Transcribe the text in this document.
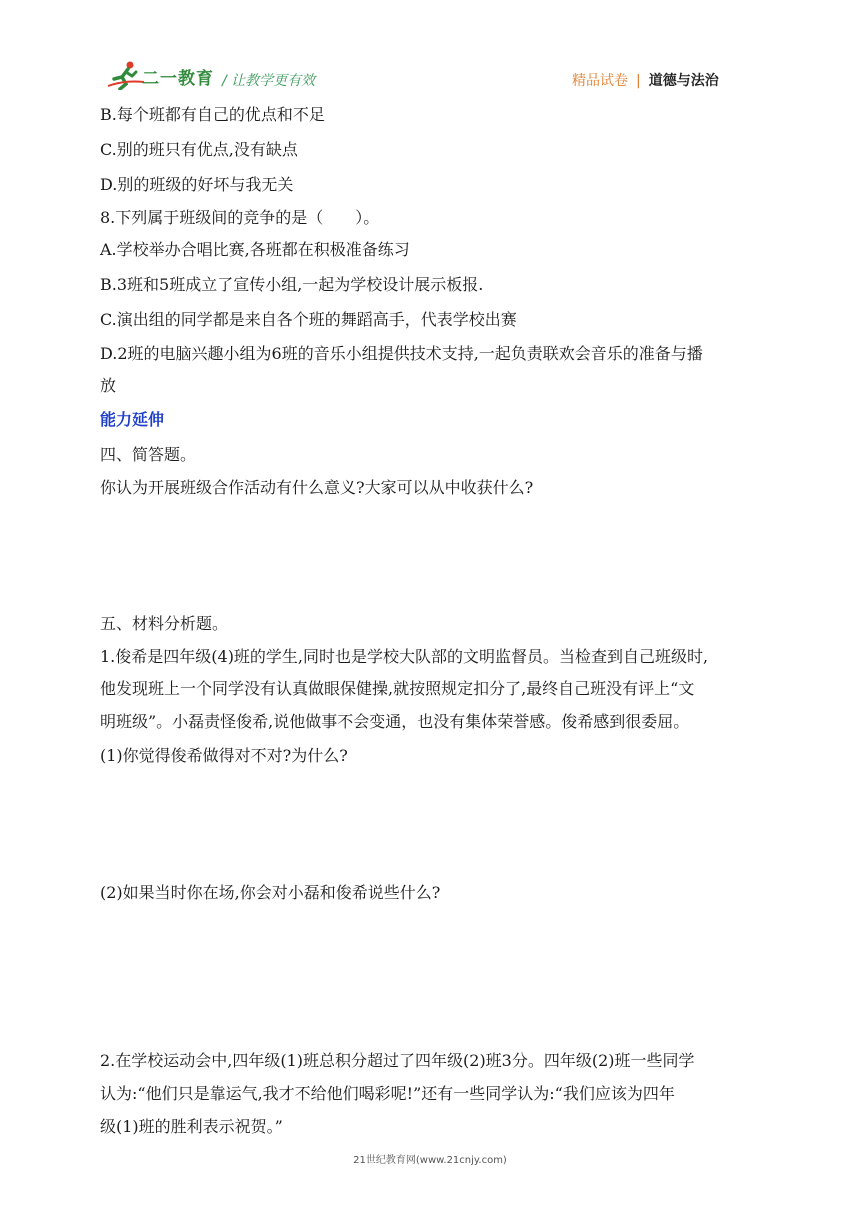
二一教育 / 让教学更有效	精品试卷 | 道德与法治
B.每个班都有自己的优点和不足
C.别的班只有优点,没有缺点
D.别的班级的好坏与我无关
8.下列属于班级间的竞争的是（　　）。
A.学校举办合唱比赛,各班都在积极准备练习
B.3班和5班成立了宣传小组,一起为学校设计展示板报.
C.演出组的同学都是来自各个班的舞蹈高手，代表学校出赛
D.2班的电脑兴趣小组为6班的音乐小组提供技术支持,一起负责联欢会音乐的准备与播
放
能力延伸
四、简答题。
你认为开展班级合作活动有什么意义?大家可以从中收获什么?
五、材料分析题。
1.俊希是四年级(4)班的学生,同时也是学校大队部的文明监督员。当检查到自己班级时,
他发现班上一个同学没有认真做眼保健操,就按照规定扣分了,最终自己班没有评上“文
明班级”。小磊责怪俊希,说他做事不会变通，也没有集体荣誉感。俊希感到很委屈。
(1)你觉得俊希做得对不对?为什么?
(2)如果当时你在场,你会对小磊和俊希说些什么?
2.在学校运动会中,四年级(1)班总积分超过了四年级(2)班3分。四年级(2)班一些同学
认为:“他们只是靠运气,我才不给他们喝彩呢!”还有一些同学认为:“我们应该为四年
级(1)班的胜利表示祝贺。”
21世纪教育网(www.21cnjy.com)
